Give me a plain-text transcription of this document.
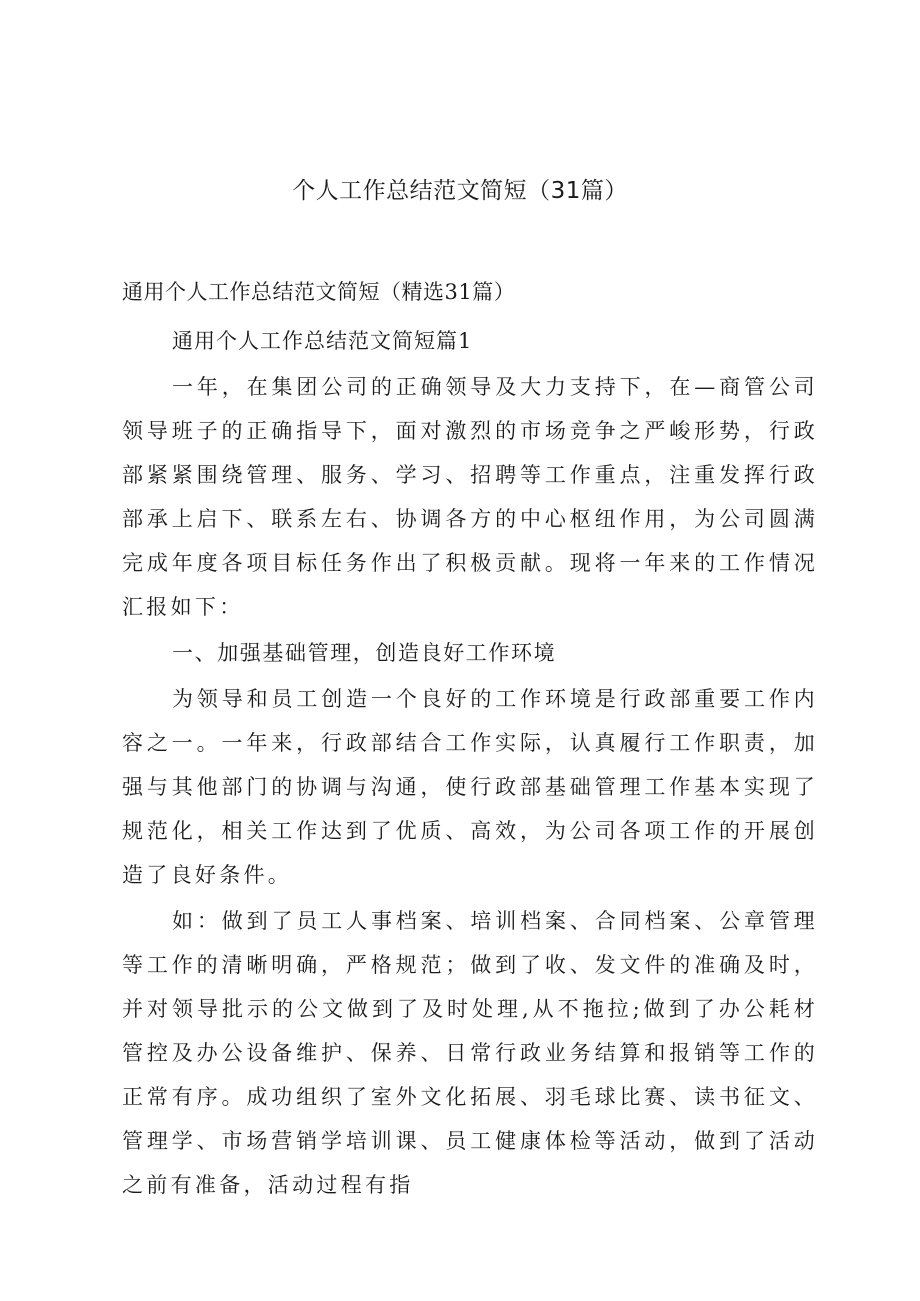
个人工作总结范文简短（31篇）

通用个人工作总结范文简短（精选31篇）

通用个人工作总结范文简短篇1

一年，在集团公司的正确领导及大力支持下，在—商管公司领导班子的正确指导下，面对激烈的市场竞争之严峻形势，行政部紧紧围绕管理、服务、学习、招聘等工作重点，注重发挥行政部承上启下、联系左右、协调各方的中心枢纽作用，为公司圆满完成年度各项目标任务作出了积极贡献。现将一年来的工作情况汇报如下：

一、加强基础管理，创造良好工作环境

为领导和员工创造一个良好的工作环境是行政部重要工作内容之一。一年来，行政部结合工作实际，认真履行工作职责，加强与其他部门的协调与沟通，使行政部基础管理工作基本实现了规范化，相关工作达到了优质、高效，为公司各项工作的开展创造了良好条件。

如：做到了员工人事档案、培训档案、合同档案、公章管理等工作的清晰明确，严格规范；做到了收、发文件的准确及时，并对领导批示的公文做到了及时处理,从不拖拉;做到了办公耗材管控及办公设备维护、保养、日常行政业务结算和报销等工作的正常有序。成功组织了室外文化拓展、羽毛球比赛、读书征文、管理学、市场营销学培训课、员工健康体检等活动，做到了活动之前有准备，活动过程有指
